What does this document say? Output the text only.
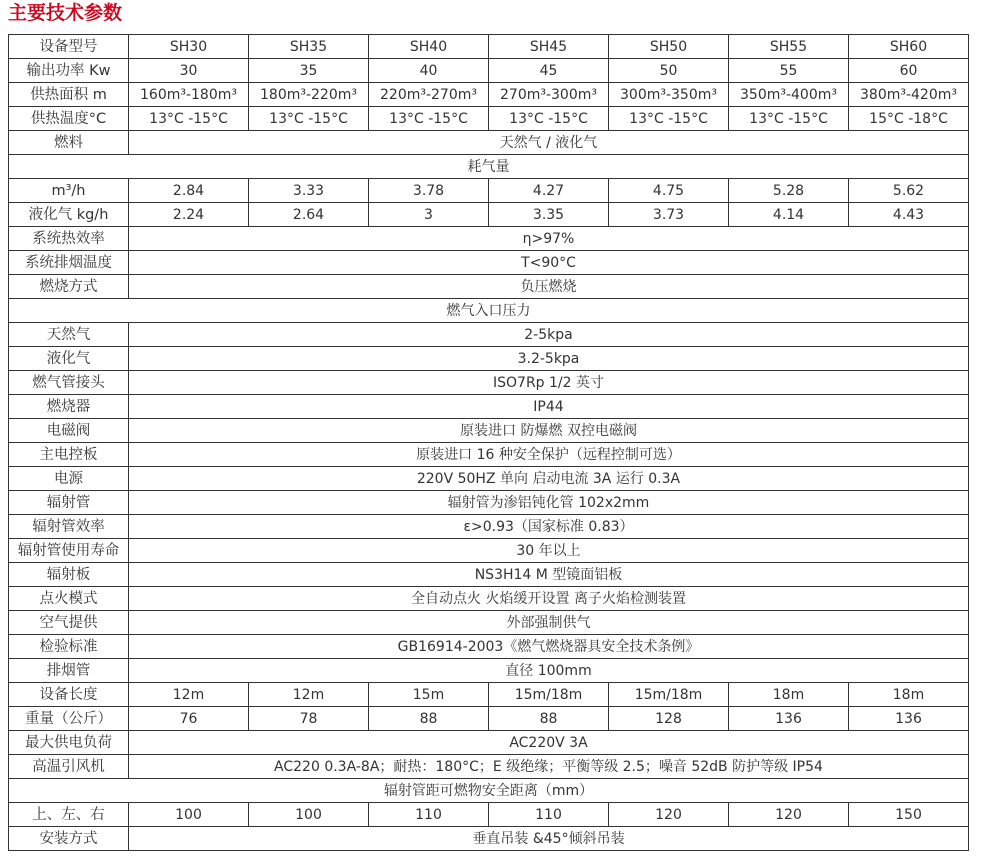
主要技术参数
设备型号	SH30	SH35	SH40	SH45	SH50	SH55	SH60
输出功率 Kw	30	35	40	45	50	55	60
供热面积 m	160m³-180m³	180m³-220m³	220m³-270m³	270m³-300m³	300m³-350m³	350m³-400m³	380m³-420m³
供热温度°C	13°C -15°C	13°C -15°C	13°C -15°C	13°C -15°C	13°C -15°C	13°C -15°C	15°C -18°C
燃料	天然气 / 液化气						
耗气量							
m³/h	2.84	3.33	3.78	4.27	4.75	5.28	5.62
液化气 kg/h	2.24	2.64	3	3.35	3.73	4.14	4.43
系统热效率	η>97%						
系统排烟温度	T<90°C						
燃烧方式	负压燃烧						
燃气入口压力							
天然气	2-5kpa						
液化气	3.2-5kpa						
燃气管接头	ISO7Rp 1/2 英寸						
燃烧器	IP44						
电磁阀	原装进口 防爆燃 双控电磁阀						
主电控板	原装进口 16 种安全保护（远程控制可选）						
电源	220V 50HZ 单向 启动电流 3A 运行 0.3A						
辐射管	辐射管为渗铝钝化管 102x2mm						
辐射管效率	ε>0.93（国家标准 0.83）						
辐射管使用寿命	30 年以上						
辐射板	NS3H14 M 型镜面铝板						
点火模式	全自动点火 火焰缓开设置 离子火焰检测装置						
空气提供	外部强制供气						
检验标准	GB16914-2003《燃气燃烧器具安全技术条例》						
排烟管	直径 100mm						
设备长度	12m	12m	15m	15m/18m	15m/18m	18m	18m
重量（公斤）	76	78	88	88	128	136	136
最大供电负荷	AC220V 3A						
高温引风机	AC220 0.3A-8A；耐热：180°C；E 级绝缘；平衡等级 2.5；噪音 52dB 防护等级 IP54						
辐射管距可燃物安全距离（mm）							
上、左、右	100	100	110	110	120	120	150
安装方式	垂直吊装 &45°倾斜吊装						
